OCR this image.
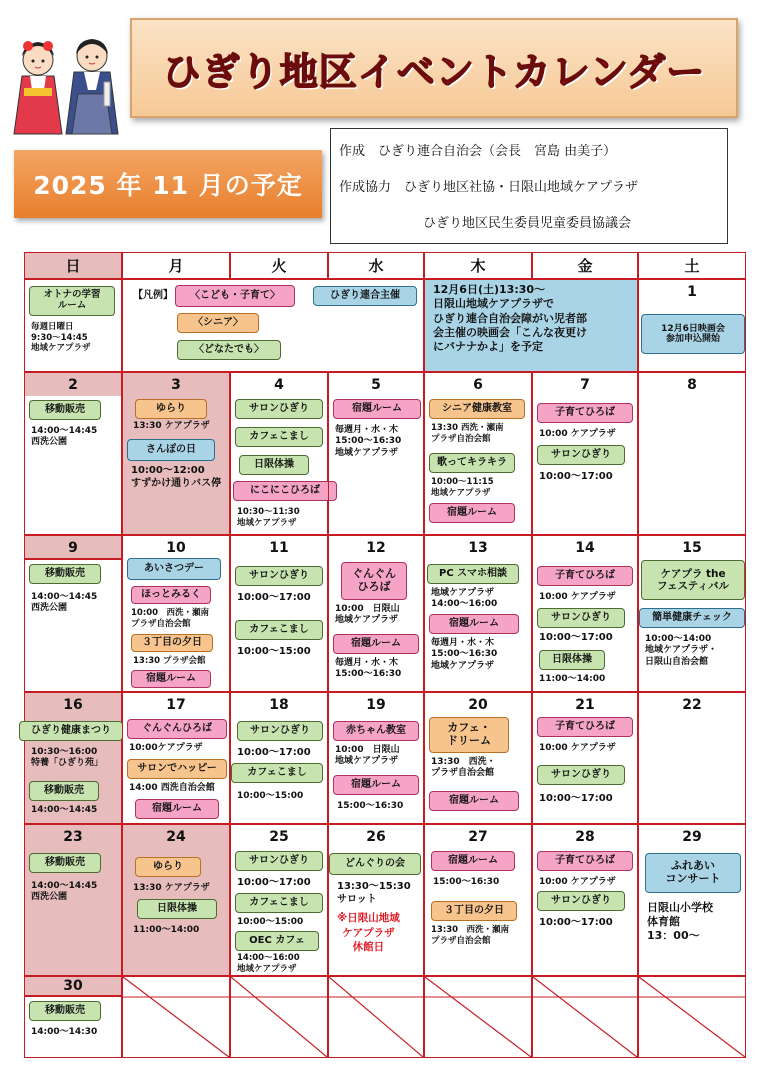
ひぎり地区イベントカレンダー
2025 年 11 月の予定
作成　ひぎり連合自治会（会長　宮島 由美子）
作成協力　ひぎり地区社協・日限山地域ケアプラザ
ひぎり地区民生委員児童委員協議会
日	月	火	水	木	金	土
オトナの学習
ルーム
毎週日曜日
9:30〜14:45
地域ケアプラザ
【凡例】	〈こども・子育て〉	ひぎり連合主催
〈シニア〉
〈どなたでも〉
12月6日(土)13:30〜
日限山地域ケアプラザで
ひぎり連合自治会障がい児者部
会主催の映画会「こんな夜更け
にバナナかよ」を予定
1
12月6日映画会
参加申込開始
2
移動販売
14:00〜14:45
西洗公園
3
ゆらり
13:30 ケアプラザ
さんぽの日
10:00〜12:00
すずかけ通りバス停
4
サロンひぎり
カフェこまし
日限体操
にこにこひろば
10:30〜11:30
地域ケアプラザ
5
宿題ルーム
毎週月・水・木
15:00〜16:30
地域ケアプラザ
6
シニア健康教室
13:30 西洗・瀬南
プラザ自治会館
歌ってキラキラ
10:00〜11:15
地域ケアプラザ
宿題ルーム
7
子育てひろば
10:00 ケアプラザ
サロンひぎり
10:00〜17:00
8
9
移動販売
14:00〜14:45
西洗公園
10
あいさつデー
ほっとみるく
10:00　西洗・瀬南
プラザ自治会館
３丁目の夕日
13:30 プラザ会館
宿題ルーム
11
サロンひぎり
10:00〜17:00
カフェこまし
10:00〜15:00
12
ぐんぐん
ひろば
10:00　日限山
地域ケアプラザ
宿題ルーム
毎週月・水・木
15:00〜16:30
13
PC スマホ相談
地域ケアプラザ
14:00〜16:00
宿題ルーム
毎週月・水・木
15:00〜16:30
地域ケアプラザ
14
子育てひろば
10:00 ケアプラザ
サロンひぎり
10:00〜17:00
日限体操
11:00〜14:00
15
ケアプラ the
フェスティバル
簡単健康チェック
10:00〜14:00
地域ケアプラザ・
日限山自治会館
16
ひぎり健康まつり
10:30〜16:00
特養「ひぎり苑」
移動販売
14:00〜14:45
17
ぐんぐんひろば
10:00ケアプラザ
サロンでハッピー
14:00 西洗自治会館
宿題ルーム
18
サロンひぎり
10:00〜17:00
カフェこまし
10:00〜15:00
19
赤ちゃん教室
10:00　日限山
地域ケアプラザ
宿題ルーム
15:00〜16:30
20
カフェ・
ドリーム
13:30　西洗・
プラザ自治会館
宿題ルーム
21
子育てひろば
10:00 ケアプラザ
サロンひぎり
10:00〜17:00
22
23
移動販売
14:00〜14:45
西洗公園
24
ゆらり
13:30 ケアプラザ
日限体操
11:00〜14:00
25
サロンひぎり
10:00〜17:00
カフェこまし
10:00〜15:00
OEC カフェ
14:00〜16:00
地域ケアプラザ
26
どんぐりの会
13:30〜15:30
サロット
※日限山地域
ケアプラザ
休館日
27
宿題ルーム
15:00〜16:30
３丁目の夕日
13:30　西洗・瀬南
プラザ自治会館
28
子育てひろば
10:00 ケアプラザ
サロンひぎり
10:00〜17:00
29
ふれあい
コンサート
日限山小学校
体育館
13：00〜
30
移動販売
14:00〜14:30
